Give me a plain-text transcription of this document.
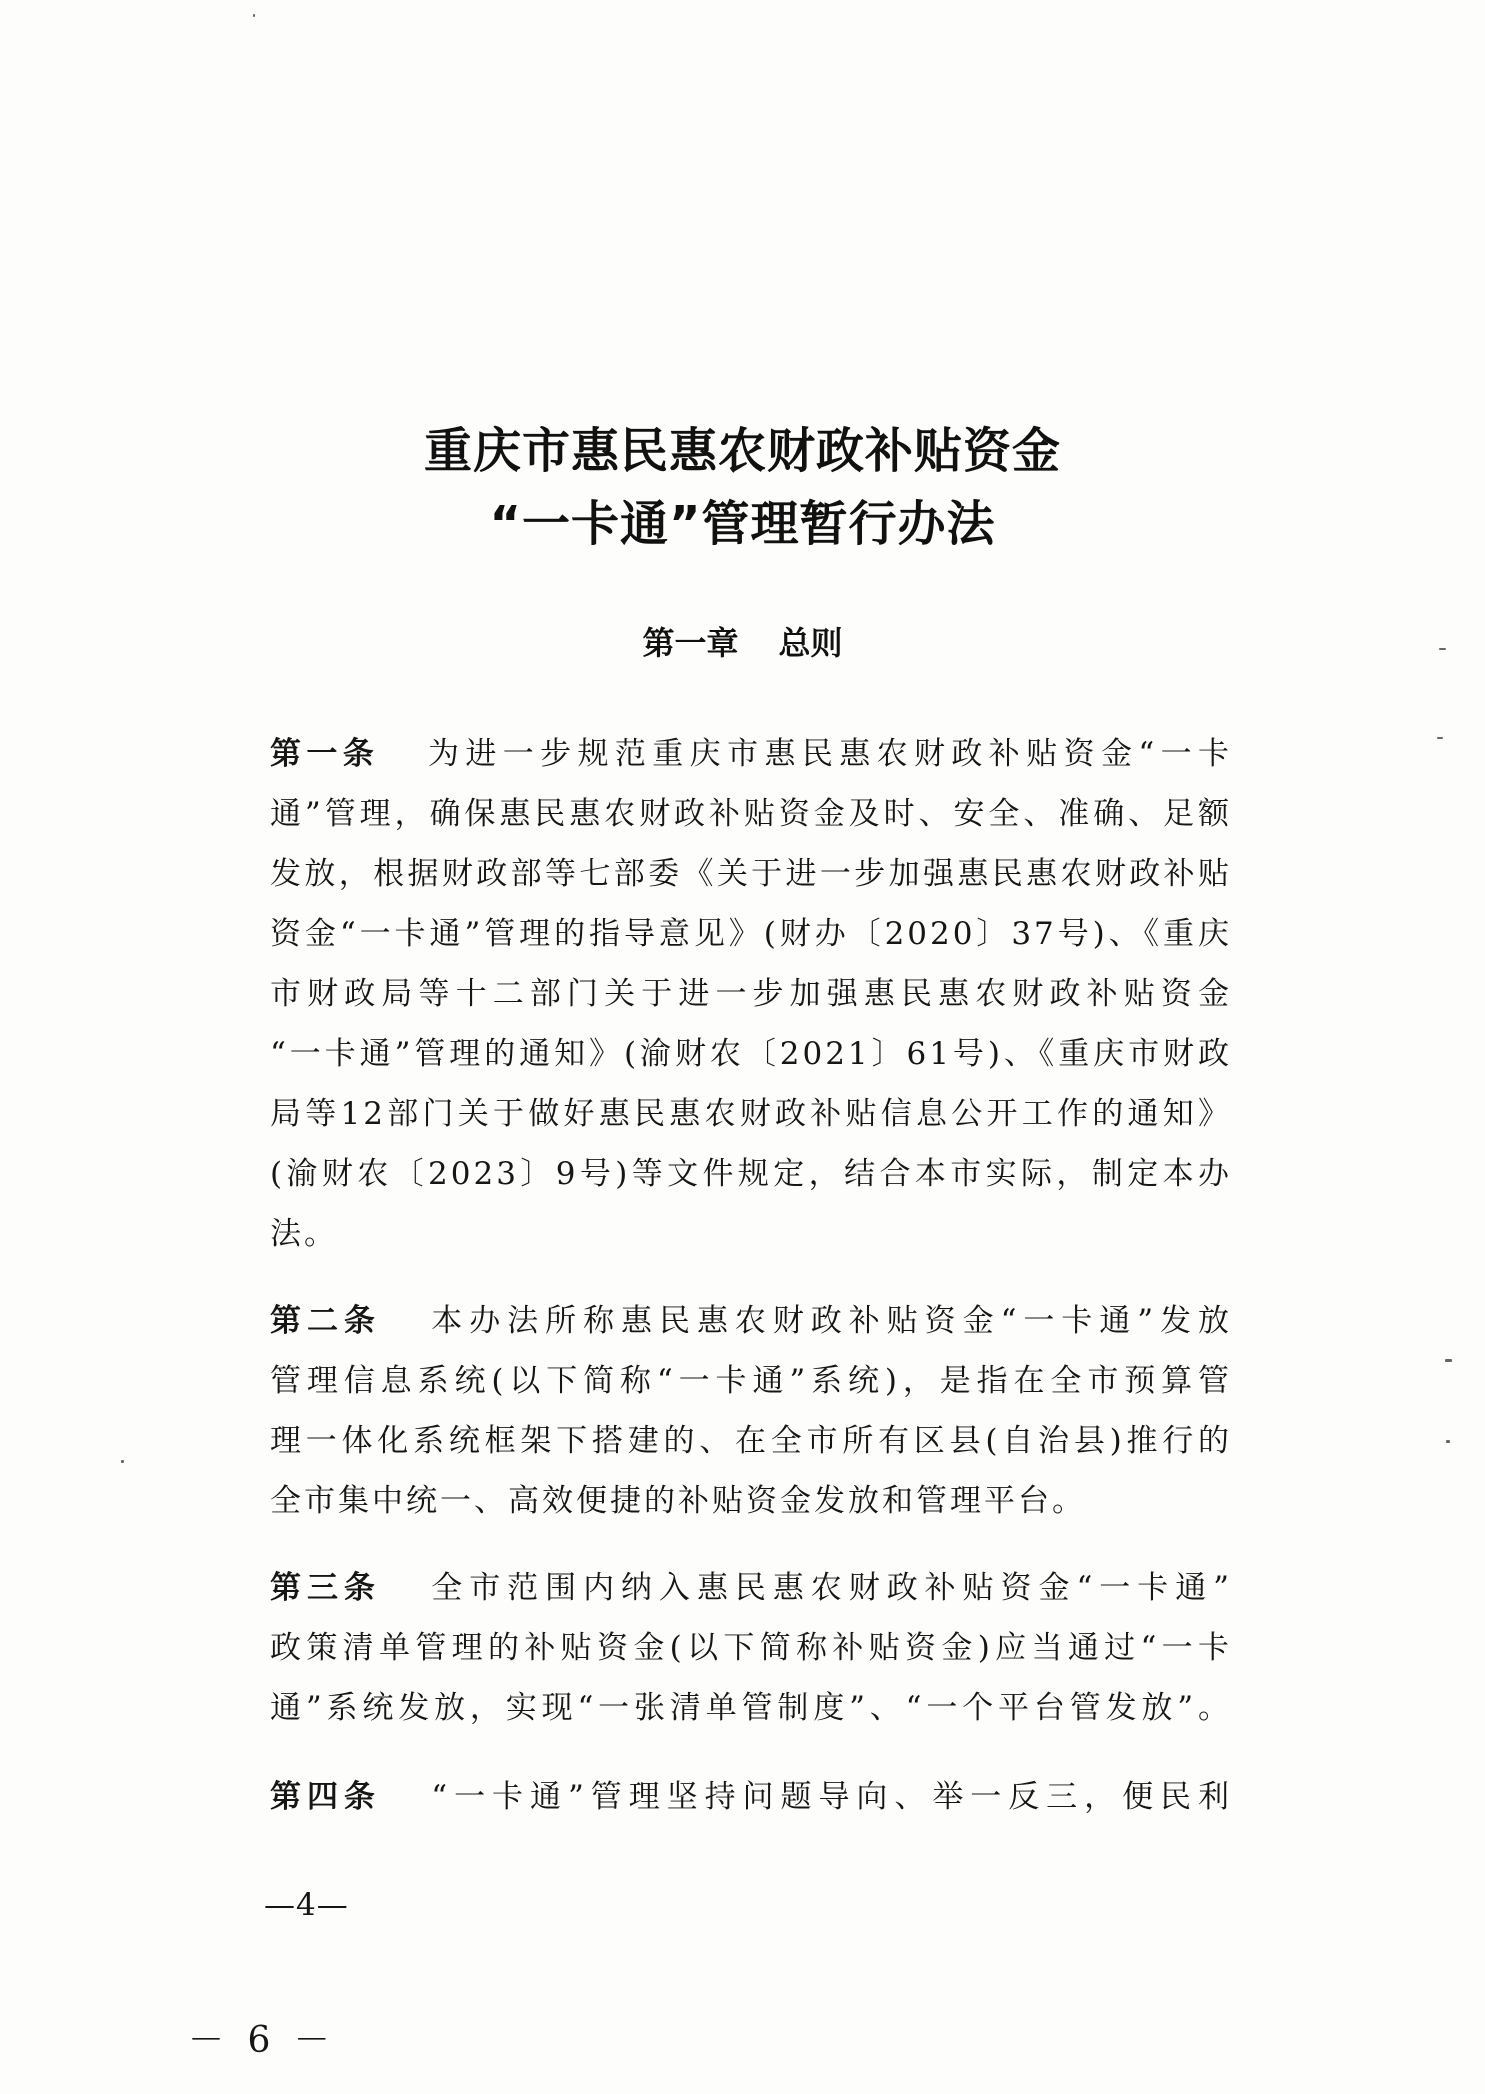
重庆市惠民惠农财政补贴资金
“一卡通”管理暂行办法
第一章 总则
第一条 为进一步规范重庆市惠民惠农财政补贴资金“一卡
通”管理，确保惠民惠农财政补贴资金及时、安全、准确、足额
发放，根据财政部等七部委《关于进一步加强惠民惠农财政补贴
资金“一卡通”管理的指导意见》(财办〔2020〕37号)、《重庆
市财政局等十二部门关于进一步加强惠民惠农财政补贴资金
“一卡通”管理的通知》(渝财农〔2021〕61号)、《重庆市财政
局等12部门关于做好惠民惠农财政补贴信息公开工作的通知》
(渝财农〔2023〕9号)等文件规定，结合本市实际，制定本办
法。
第二条 本办法所称惠民惠农财政补贴资金“一卡通”发放
管理信息系统(以下简称“一卡通”系统)，是指在全市预算管
理一体化系统框架下搭建的、在全市所有区县(自治县)推行的
全市集中统一、高效便捷的补贴资金发放和管理平台。
第三条 全市范围内纳入惠民惠农财政补贴资金“一卡通”
政策清单管理的补贴资金(以下简称补贴资金)应当通过“一卡
通”系统发放，实现“一张清单管制度”、“一个平台管发放”。
第四条 “一卡通”管理坚持问题导向、举一反三，便民利
—4—
－ 6 －
